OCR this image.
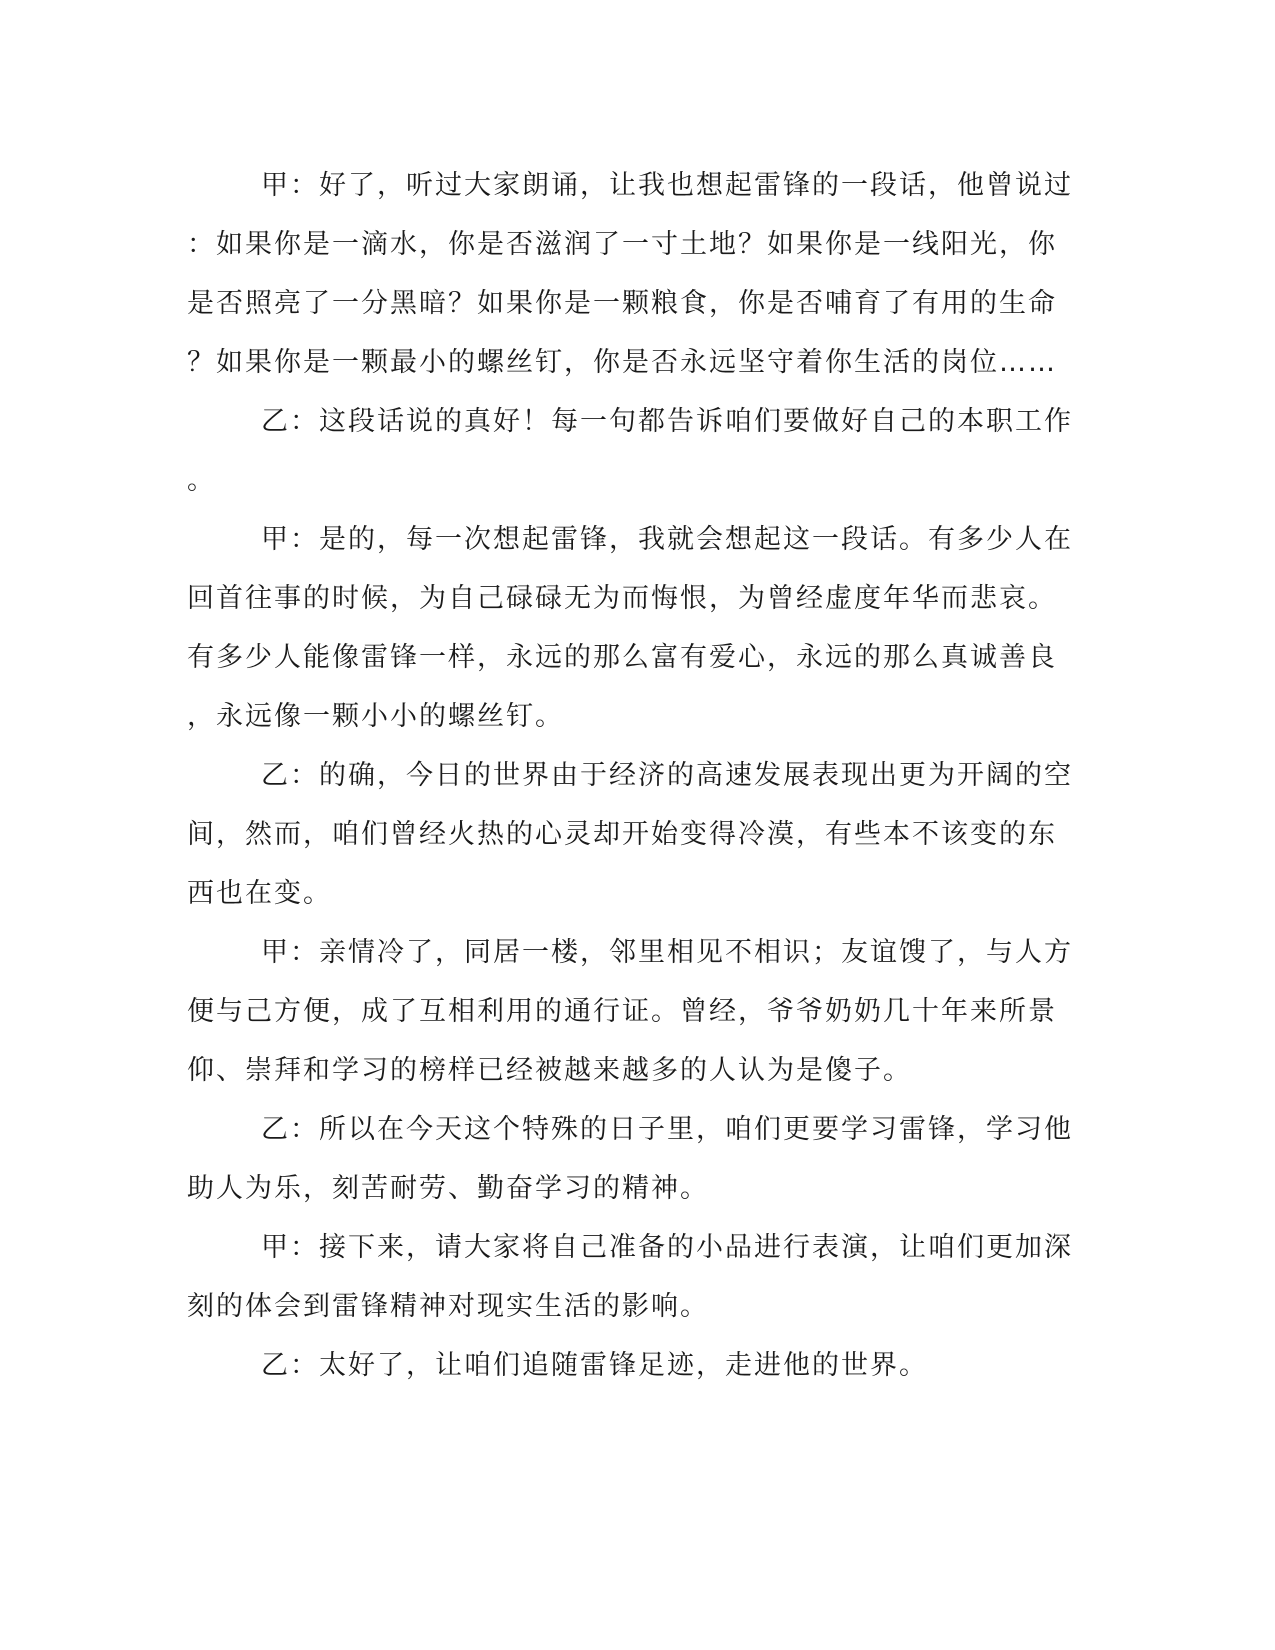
甲：好了，听过大家朗诵，让我也想起雷锋的一段话，他曾说过
：如果你是一滴水，你是否滋润了一寸土地？如果你是一线阳光，你
是否照亮了一分黑暗？如果你是一颗粮食，你是否哺育了有用的生命
？如果你是一颗最小的螺丝钉，你是否永远坚守着你生活的岗位……
乙：这段话说的真好！每一句都告诉咱们要做好自己的本职工作
。
甲：是的，每一次想起雷锋，我就会想起这一段话。有多少人在
回首往事的时候，为自己碌碌无为而悔恨，为曾经虚度年华而悲哀。
有多少人能像雷锋一样，永远的那么富有爱心，永远的那么真诚善良
，永远像一颗小小的螺丝钉。
乙：的确，今日的世界由于经济的高速发展表现出更为开阔的空
间，然而，咱们曾经火热的心灵却开始变得冷漠，有些本不该变的东
西也在变。
甲：亲情冷了，同居一楼，邻里相见不相识；友谊馊了，与人方
便与己方便，成了互相利用的通行证。曾经，爷爷奶奶几十年来所景
仰、崇拜和学习的榜样已经被越来越多的人认为是傻子。
乙：所以在今天这个特殊的日子里，咱们更要学习雷锋，学习他
助人为乐，刻苦耐劳、勤奋学习的精神。
甲：接下来，请大家将自己准备的小品进行表演，让咱们更加深
刻的体会到雷锋精神对现实生活的影响。
乙：太好了，让咱们追随雷锋足迹，走进他的世界。
